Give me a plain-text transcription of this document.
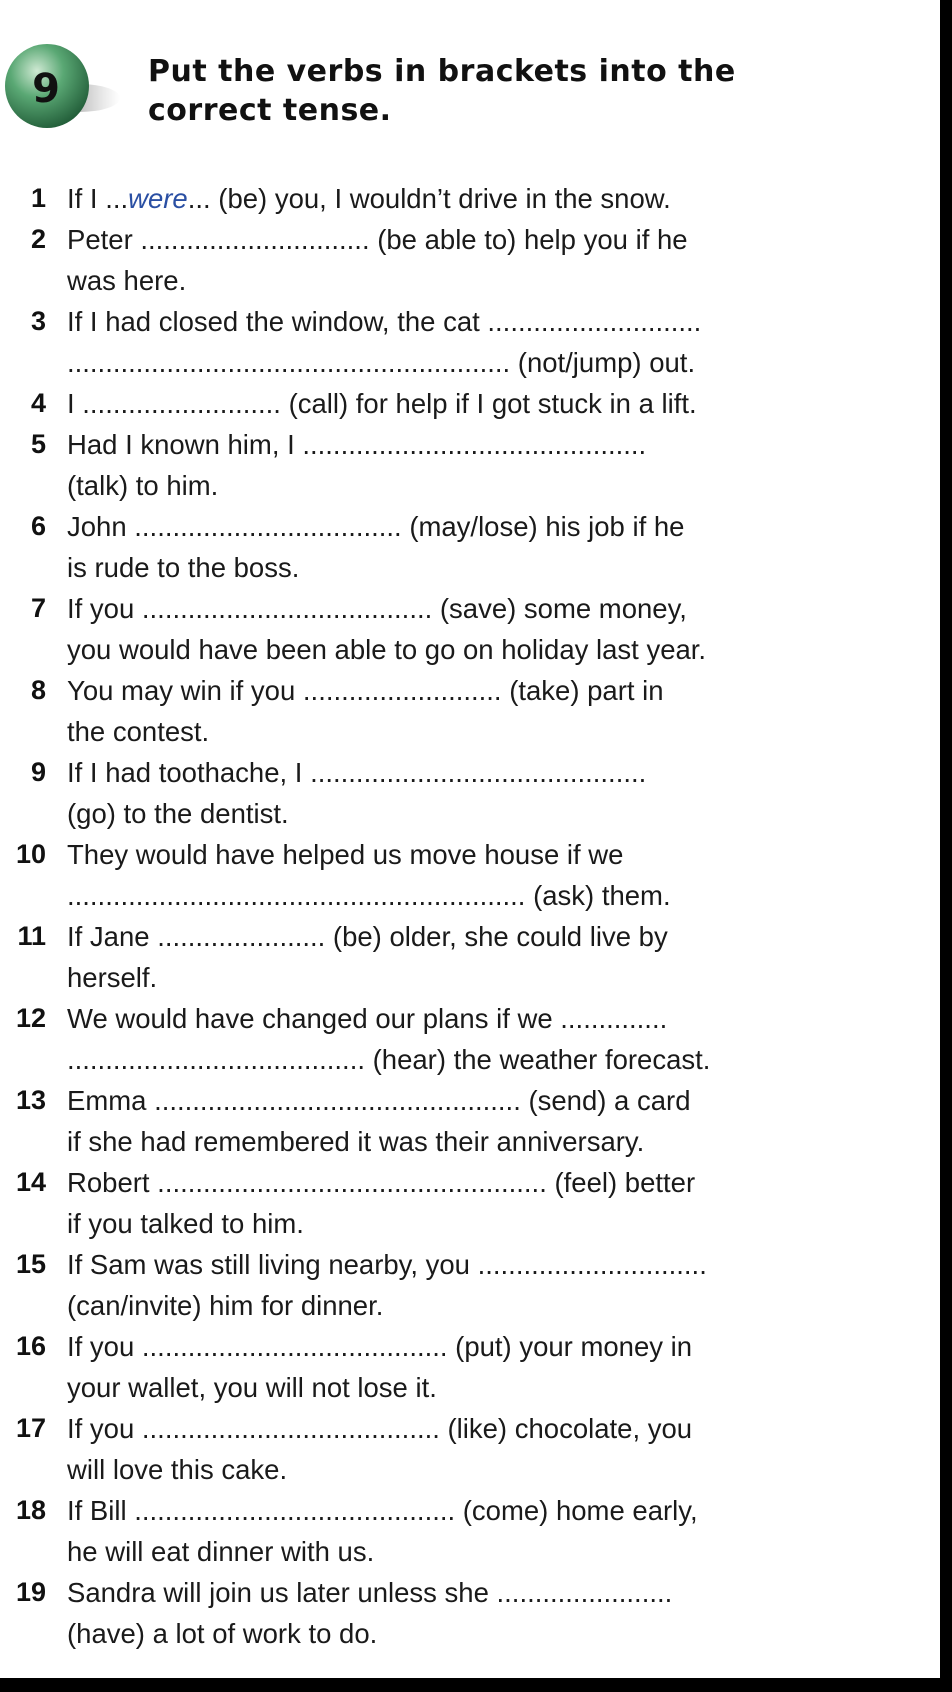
9	Put the verbs in brackets into the
correct tense.
1 If I ...were... (be) you, I wouldn’t drive in the snow.
2 Peter .............................. (be able to) help you if he
was here.
3 If I had closed the window, the cat ............................
.......................................................... (not/jump) out.
4 I .......................... (call) for help if I got stuck in a lift.
5 Had I known him, I .............................................
(talk) to him.
6 John ................................... (may/lose) his job if he
is rude to the boss.
7 If you ...................................... (save) some money,
you would have been able to go on holiday last year.
8 You may win if you .......................... (take) part in
the contest.
9 If I had toothache, I ............................................
(go) to the dentist.
10 They would have helped us move house if we
............................................................ (ask) them.
11 If Jane ...................... (be) older, she could live by
herself.
12 We would have changed our plans if we ..............
....................................... (hear) the weather forecast.
13 Emma ................................................ (send) a card
if she had remembered it was their anniversary.
14 Robert ................................................... (feel) better
if you talked to him.
15 If Sam was still living nearby, you ..............................
(can/invite) him for dinner.
16 If you ........................................ (put) your money in
your wallet, you will not lose it.
17 If you ....................................... (like) chocolate, you
will love this cake.
18 If Bill .......................................... (come) home early,
he will eat dinner with us.
19 Sandra will join us later unless she .......................
(have) a lot of work to do.
